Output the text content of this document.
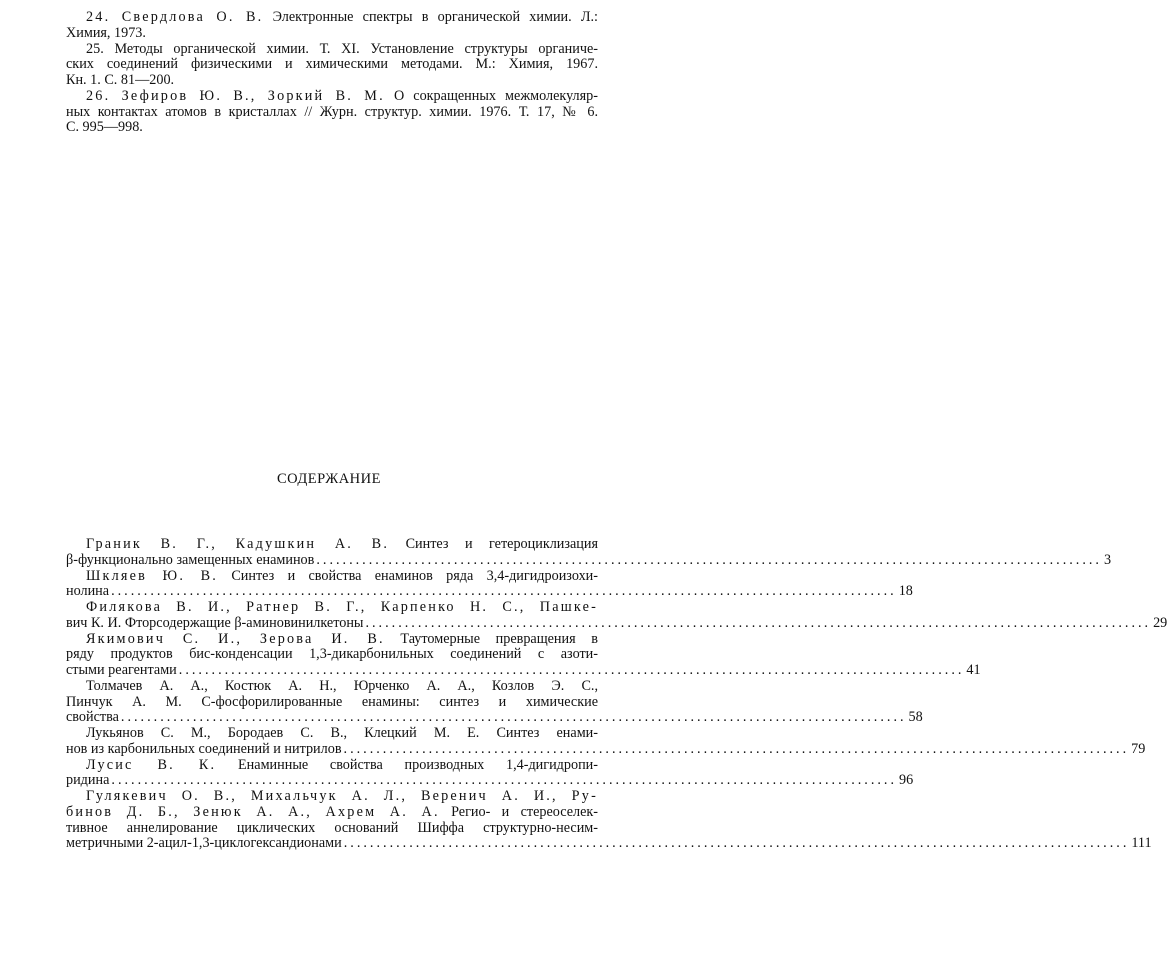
24. Свердлова О. В. Электронные спектры в органической химии. Л.:
Химия, 1973.
25. Методы органической химии. Т. XI. Установление структуры органиче-
ских соединений физическими и химическими методами. М.: Химия, 1967.
Кн. 1. С. 81—200.
26. Зефиров Ю. В., Зоркий В. М. О сокращенных межмолекуляр-
ных контактах атомов в кристаллах // Журн. структур. химии. 1976. Т. 17, № 6.
С. 995—998.
СОДЕРЖАНИЕ
Граник В. Г., Кадушкин А. В. Синтез и гетероциклизация
β-функционально замещенных енаминов ........................................................................................................................ 3
Шкляев Ю. В. Синтез и свойства енаминов ряда 3,4-дигидроизохи-
нолина ........................................................................................................................ 18
Филякова В. И., Ратнер В. Г., Карпенко Н. С., Пашке-
вич К. И. Фторсодержащие β-аминовинилкетоны ........................................................................................................................ 29
Якимович С. И., Зерова И. В. Таутомерные превращения в
ряду продуктов бис-конденсации 1,3-дикарбонильных соединений с азоти-
стыми реагентами ........................................................................................................................ 41
Толмачев А. А., Костюк А. Н., Юрченко А. А., Козлов Э. С.,
Пинчук А. М. С-фосфорилированные енамины: синтез и химические
свойства ........................................................................................................................ 58
Лукьянов С. М., Бородаев С. В., Клецкий М. Е. Синтез енами-
нов из карбонильных соединений и нитрилов ........................................................................................................................ 79
Лусис В. К. Енаминные свойства производных 1,4-дигидропи-
ридина ........................................................................................................................ 96
Гулякевич О. В., Михальчук А. Л., Веренич А. И., Ру-
бинов Д. Б., Зенюк А. А., Ахрем А. А. Регио- и стереоселек-
тивное аннелирование циклических оснований Шиффа структурно-несим-
метричными 2-ацил-1,3-циклогександионами ........................................................................................................................ 111
